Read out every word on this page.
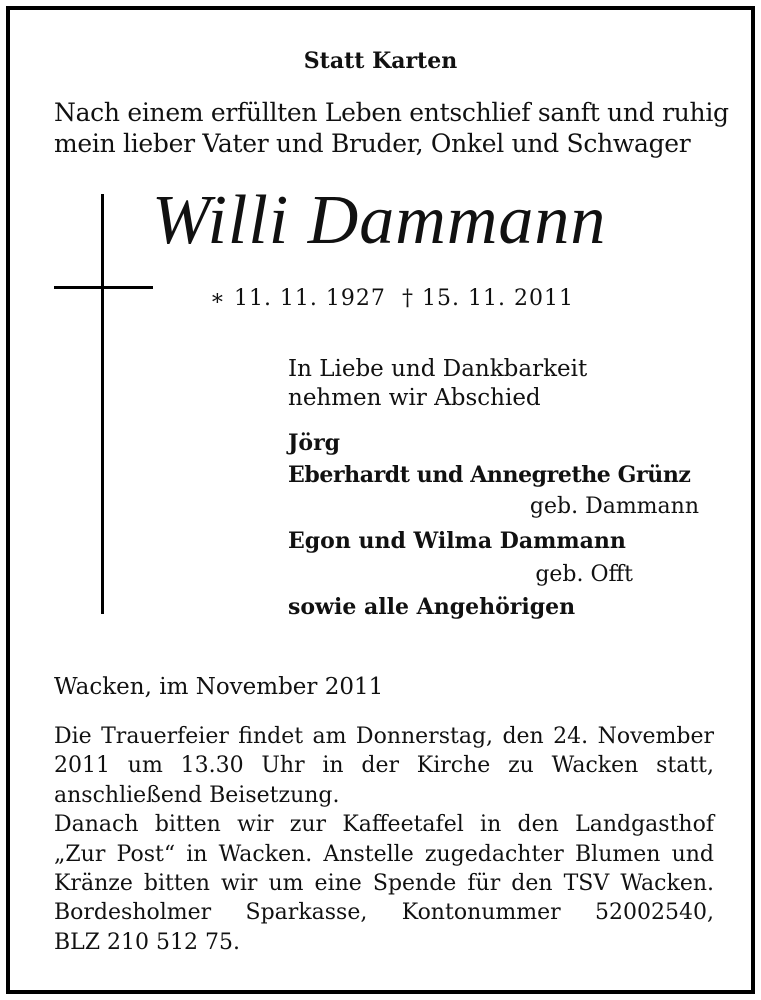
Statt Karten
Nach einem erfüllten Leben entschlief sanft und ruhig
mein lieber Vater und Bruder, Onkel und Schwager
Willi Dammann
∗ 11. 11. 1927 † 15. 11. 2011
In Liebe und Dankbarkeit
nehmen wir Abschied
Jörg
Eberhardt und Annegrethe Grünz
geb. Dammann
Egon und Wilma Dammann
geb. Offt
sowie alle Angehörigen
Wacken, im November 2011
Die Trauerfeier findet am Donnerstag, den 24. November
2011 um 13.30 Uhr in der Kirche zu Wacken statt,
anschließend Beisetzung.
Danach bitten wir zur Kaffeetafel in den Landgasthof
„Zur Post“ in Wacken. Anstelle zugedachter Blumen und
Kränze bitten wir um eine Spende für den TSV Wacken.
Bordesholmer Sparkasse, Kontonummer 52002540,
BLZ 210 512 75.
